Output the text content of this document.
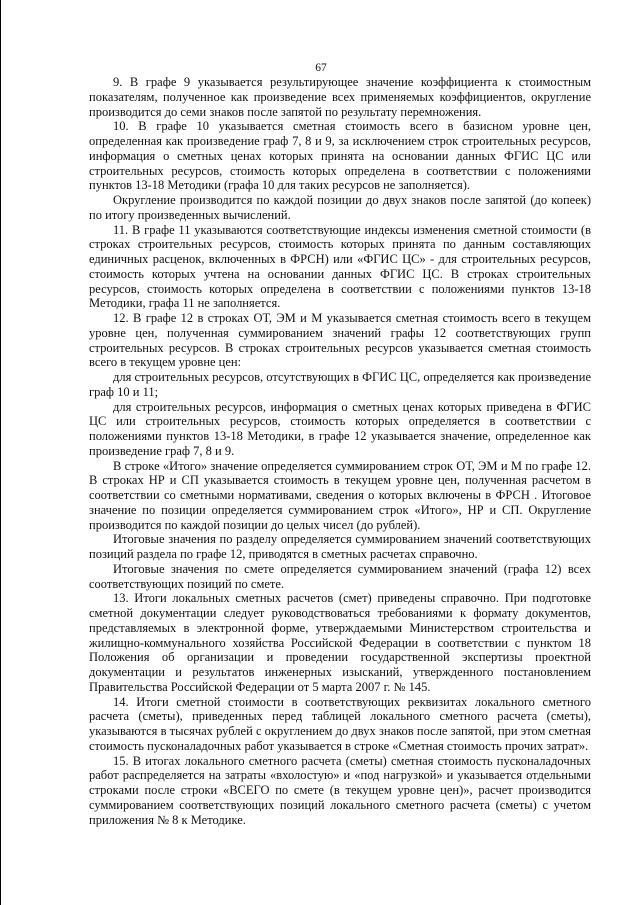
67

9. В графе 9 указывается результирующее значение коэффициента к стоимостным показателям, полученное как произведение всех применяемых коэффициентов, округление производится до семи знаков после запятой по результату перемножения.

10. В графе 10 указывается сметная стоимость всего в базисном уровне цен, определенная как произведение граф 7, 8 и 9, за исключением строк строительных ресурсов, информация о сметных ценах которых принята на основании данных ФГИС ЦС или строительных ресурсов, стоимость которых определена в соответствии с положениями пунктов 13-18 Методики (графа 10 для таких ресурсов не заполняется).

Округление производится по каждой позиции до двух знаков после запятой (до копеек) по итогу произведенных вычислений.

11. В графе 11 указываются соответствующие индексы изменения сметной стоимости (в строках строительных ресурсов, стоимость которых принята по данным составляющих единичных расценок, включенных в ФРСН) или «ФГИС ЦС» - для строительных ресурсов, стоимость которых учтена на основании данных ФГИС ЦС. В строках строительных ресурсов, стоимость которых определена в соответствии с положениями пунктов 13-18 Методики, графа 11 не заполняется.

12. В графе 12 в строках ОТ, ЭМ и М указывается сметная стоимость всего в текущем уровне цен, полученная суммированием значений графы 12 соответствующих групп строительных ресурсов. В строках строительных ресурсов указывается сметная стоимость всего в текущем уровне цен:

для строительных ресурсов, отсутствующих в ФГИС ЦС, определяется как произведение граф 10 и 11;

для строительных ресурсов, информация о сметных ценах которых приведена в ФГИС ЦС или строительных ресурсов, стоимость которых определяется в соответствии с положениями пунктов 13-18 Методики, в графе 12 указывается значение, определенное как произведение граф 7, 8 и 9.

В строке «Итого» значение определяется суммированием строк ОТ, ЭМ и М по графе 12. В строках НР и СП указывается стоимость в текущем уровне цен, полученная расчетом в соответствии со сметными нормативами, сведения о которых включены в ФРСН . Итоговое значение по позиции определяется суммированием строк «Итого», НР и СП. Округление производится по каждой позиции до целых чисел (до рублей).

Итоговые значения по разделу определяется суммированием значений соответствующих позиций раздела по графе 12, приводятся в сметных расчетах справочно.

Итоговые значения по смете определяется суммированием значений (графа 12) всех соответствующих позиций по смете.

13. Итоги локальных сметных расчетов (смет) приведены справочно. При подготовке сметной документации следует руководствоваться требованиями к формату документов, представляемых в электронной форме, утверждаемыми Министерством строительства и жилищно-коммунального хозяйства Российской Федерации в соответствии с пунктом 18 Положения об организации и проведении государственной экспертизы проектной документации и результатов инженерных изысканий, утвержденного постановлением Правительства Российской Федерации от 5 марта 2007 г. № 145.

14. Итоги сметной стоимости в соответствующих реквизитах локального сметного расчета (сметы), приведенных перед таблицей локального сметного расчета (сметы), указываются в тысячах рублей с округлением до двух знаков после запятой, при этом сметная стоимость пусконаладочных работ указывается в строке «Сметная стоимость прочих затрат».

15. В итогах локального сметного расчета (сметы) сметная стоимость пусконаладочных работ распределяется на затраты «вхолостую» и «под нагрузкой» и указывается отдельными строками после строки «ВСЕГО по смете (в текущем уровне цен)», расчет производится суммированием соответствующих позиций локального сметного расчета (сметы) с учетом приложения № 8 к Методике.
